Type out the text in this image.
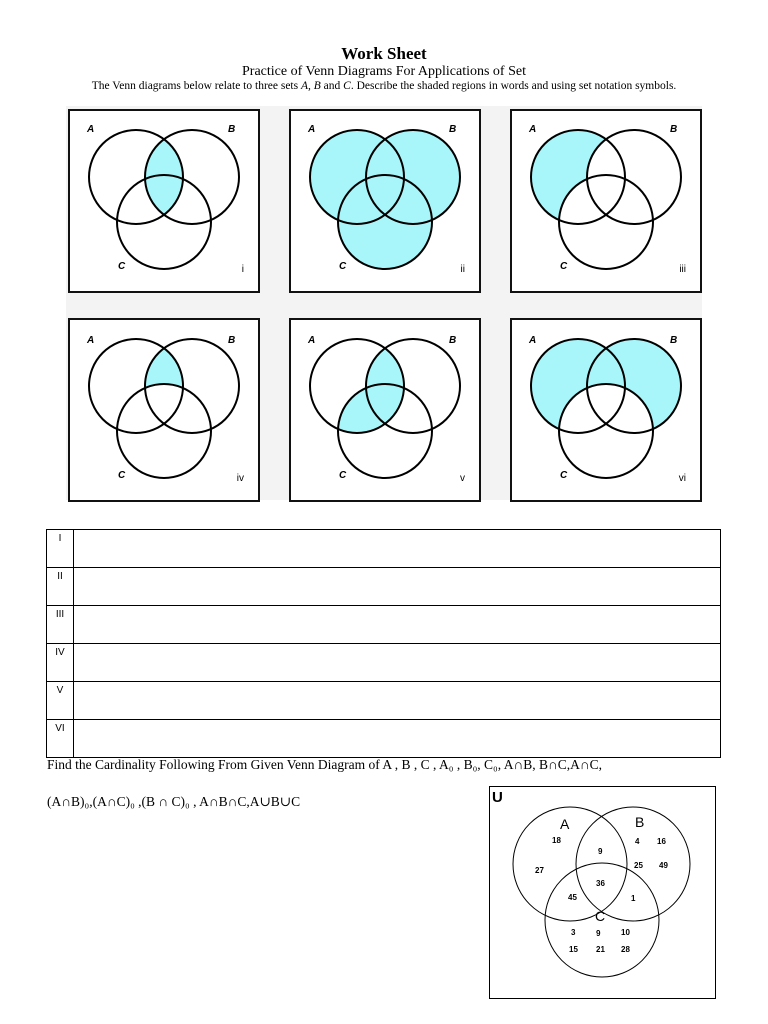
Work Sheet
Practice of Venn Diagrams For Applications of Set
The Venn diagrams below relate to three sets A, B and C. Describe the shaded regions in words and using set notation symbols.
A	B
C	i
A	B
C	ii
A	B
C	iii
A	B
C	iv
A	B
C	v
A	B
C	vi
I	
II	
III	
IV	
V	
VI	
Find the Cardinality Following From Given Venn Diagram of A , B , C , A₀ , B₀, C₀, A∩B, B∩C,A∩C,
(A∩B)₀,(A∩C)₀ ,(B ∩ C)₀ , A∩B∩C,A∪B∪C	U
A	B
C
18
27
9
4 16
25 49
36
45	1
3	6	10
15 21 28
